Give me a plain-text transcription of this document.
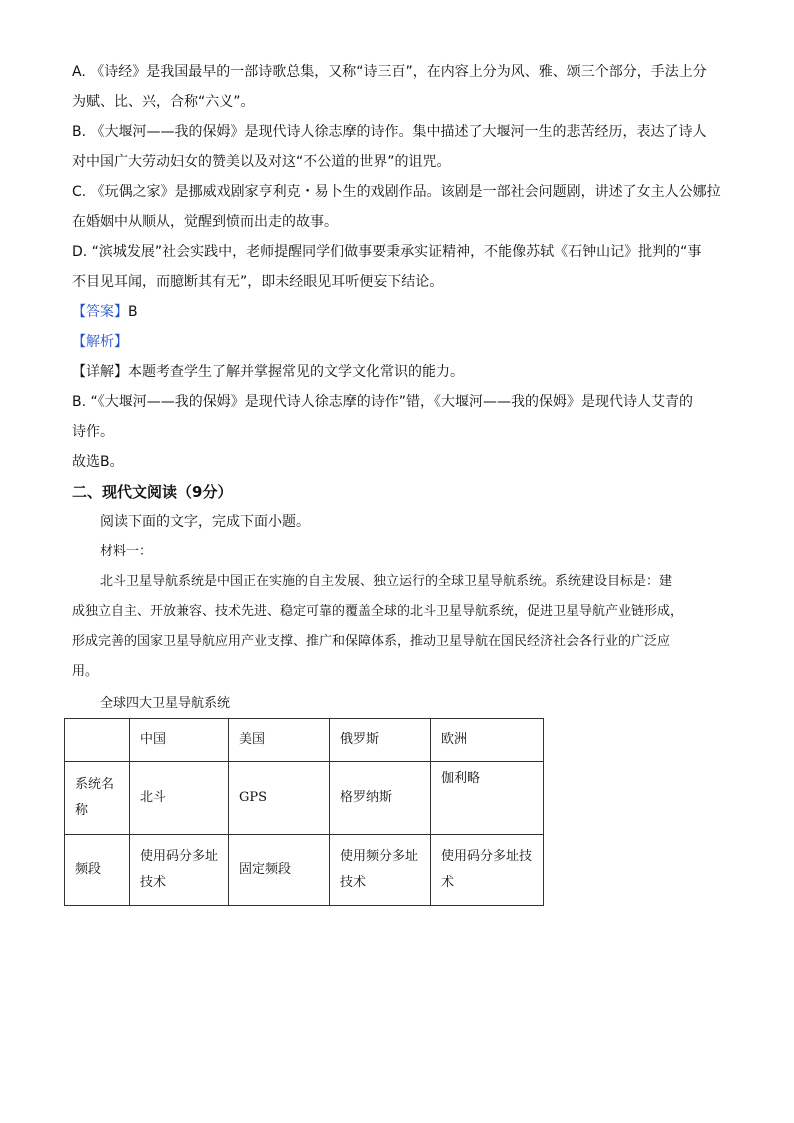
A. 《诗经》是我国最早的一部诗歌总集，又称“诗三百”，在内容上分为风、雅、颂三个部分，手法上分
为赋、比、兴，合称“六义”。
B. 《大堰河——我的保姆》是现代诗人徐志摩的诗作。集中描述了大堰河一生的悲苦经历，表达了诗人
对中国广大劳动妇女的赞美以及对这“不公道的世界”的诅咒。
C. 《玩偶之家》是挪威戏剧家亨利克・易卜生的戏剧作品。该剧是一部社会问题剧，讲述了女主人公娜拉
在婚姻中从顺从，觉醒到愤而出走的故事。
D. “滨城发展”社会实践中，老师提醒同学们做事要秉承实证精神，不能像苏轼《石钟山记》批判的“事
不目见耳闻，而臆断其有无”，即未经眼见耳听便妄下结论。
【答案】B
【解析】
【详解】本题考查学生了解并掌握常见的文学文化常识的能力。
B. “《大堰河——我的保姆》是现代诗人徐志摩的诗作”错，《大堰河——我的保姆》是现代诗人艾青的
诗作。
故选B。
二、现代文阅读（9分）
阅读下面的文字，完成下面小题。
材料一：
北斗卫星导航系统是中国正在实施的自主发展、独立运行的全球卫星导航系统。系统建设目标是：建
成独立自主、开放兼容、技术先进、稳定可靠的覆盖全球的北斗卫星导航系统，促进卫星导航产业链形成，
形成完善的国家卫星导航应用产业支撑、推广和保障体系，推动卫星导航在国民经济社会各行业的广泛应
用。
全球四大卫星导航系统
	中国	美国	俄罗斯	欧洲
系统名称	北斗	GPS	格罗纳斯	伽利略
频段	使用码分多址技术	固定频段	使用频分多址技术	使用码分多址技术
